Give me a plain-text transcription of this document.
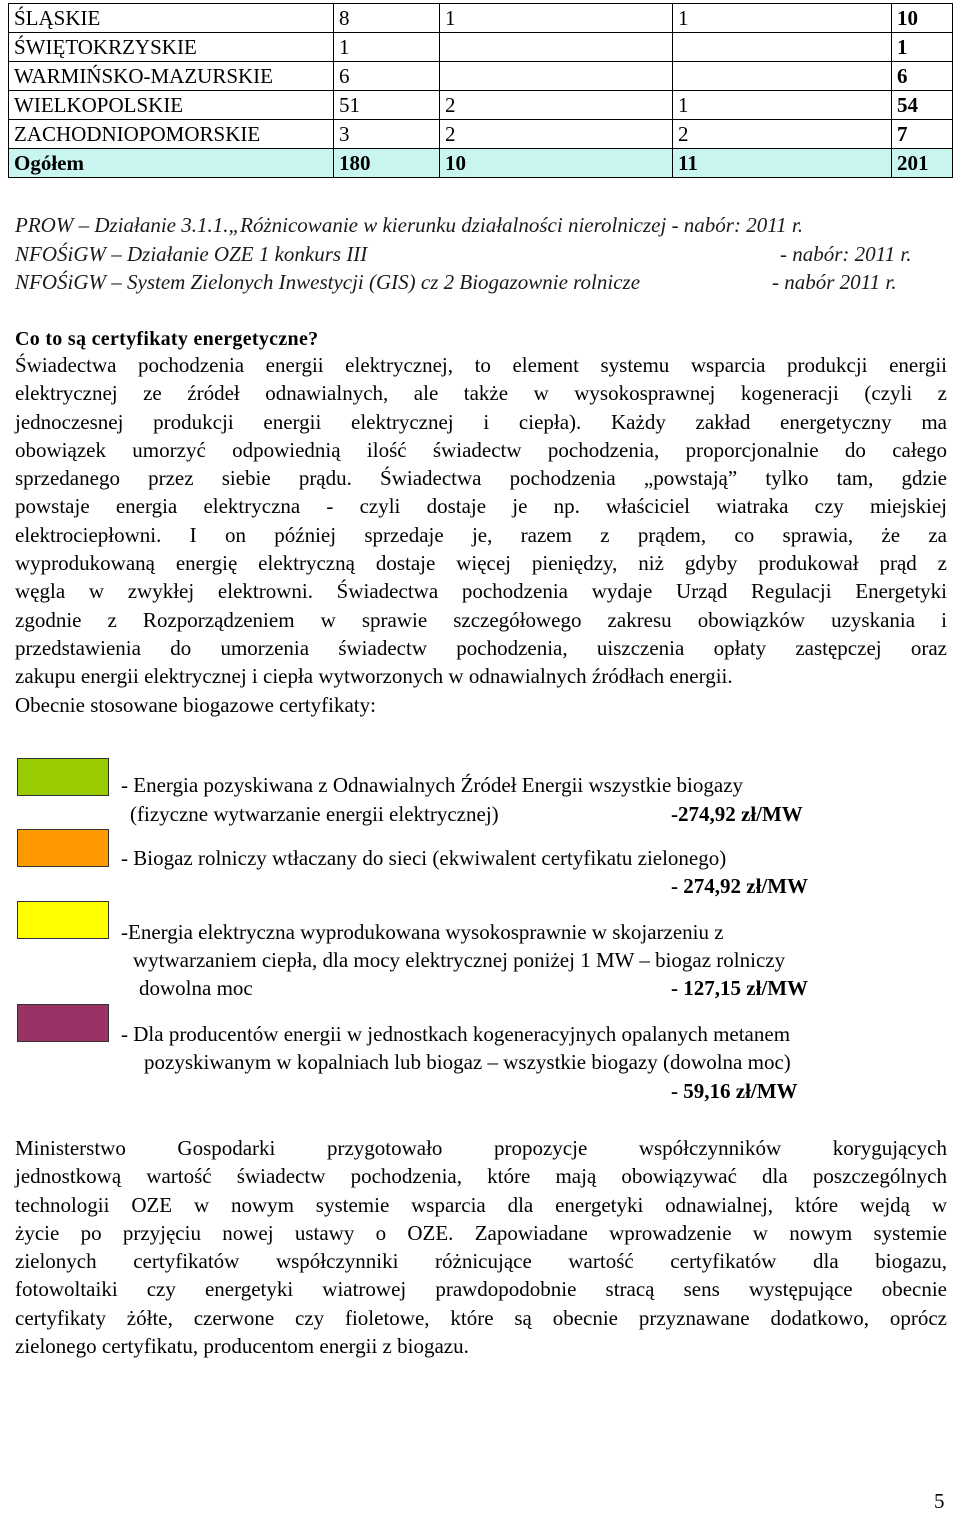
ŚLĄSKIE	8	1	1	10
ŚWIĘTOKRZYSKIE	1			1
WARMIŃSKO-MAZURSKIE	6			6
WIELKOPOLSKIE	51	2	1	54
ZACHODNIOPOMORSKIE	3	2	2	7
Ogółem	180	10	11	201
PROW – Działanie 3.1.1.„Różnicowanie w kierunku działalności nierolniczej - nabór: 2011 r.
NFOŚiGW – Działanie OZE 1 konkurs III	- nabór: 2011 r.
NFOŚiGW – System Zielonych Inwestycji (GIS) cz 2 Biogazownie rolnicze	- nabór 2011 r.
Co to są certyfikaty energetyczne?
Świadectwa pochodzenia energii elektrycznej, to element systemu wsparcia produkcji energii
elektrycznej ze źródeł odnawialnych, ale także w wysokosprawnej kogeneracji (czyli z
jednoczesnej produkcji energii elektrycznej i ciepła). Każdy zakład energetyczny ma
obowiązek umorzyć odpowiednią ilość świadectw pochodzenia, proporcjonalnie do całego
sprzedanego przez siebie prądu. Świadectwa pochodzenia „powstają” tylko tam, gdzie
powstaje energia elektryczna - czyli dostaje je np. właściciel wiatraka czy miejskiej
elektrociepłowni. I on później sprzedaje je, razem z prądem, co sprawia, że za
wyprodukowaną energię elektryczną dostaje więcej pieniędzy, niż gdyby produkował prąd z
węgla w zwykłej elektrowni. Świadectwa pochodzenia wydaje Urząd Regulacji Energetyki
zgodnie z Rozporządzeniem w sprawie szczegółowego zakresu obowiązków uzyskania i
przedstawienia do umorzenia świadectw pochodzenia, uiszczenia opłaty zastępczej oraz
zakupu energii elektrycznej i ciepła wytworzonych w odnawialnych źródłach energii.
Obecnie stosowane biogazowe certyfikaty:
- Energia pozyskiwana z Odnawialnych Źródeł Energii wszystkie biogazy
(fizyczne wytwarzanie energii elektrycznej)	-274,92 zł/MW
- Biogaz rolniczy wtłaczany do sieci (ekwiwalent certyfikatu zielonego)
- 274,92 zł/MW
-Energia elektryczna wyprodukowana wysokosprawnie w skojarzeniu z
wytwarzaniem ciepła, dla mocy elektrycznej poniżej 1 MW – biogaz rolniczy
dowolna moc	- 127,15 zł/MW
- Dla producentów energii w jednostkach kogeneracyjnych opalanych metanem
pozyskiwanym w kopalniach lub biogaz – wszystkie biogazy (dowolna moc)
- 59,16 zł/MW
Ministerstwo Gospodarki przygotowało propozycje współczynników korygujących
jednostkową wartość świadectw pochodzenia, które mają obowiązywać dla poszczególnych
technologii OZE w nowym systemie wsparcia dla energetyki odnawialnej, które wejdą w
życie po przyjęciu nowej ustawy o OZE. Zapowiadane wprowadzenie w nowym systemie
zielonych certyfikatów współczynniki różnicujące wartość certyfikatów dla biogazu,
fotowoltaiki czy energetyki wiatrowej prawdopodobnie stracą sens występujące obecnie
certyfikaty żółte, czerwone czy fioletowe, które są obecnie przyznawane dodatkowo, oprócz
zielonego certyfikatu, producentom energii z biogazu.
5
